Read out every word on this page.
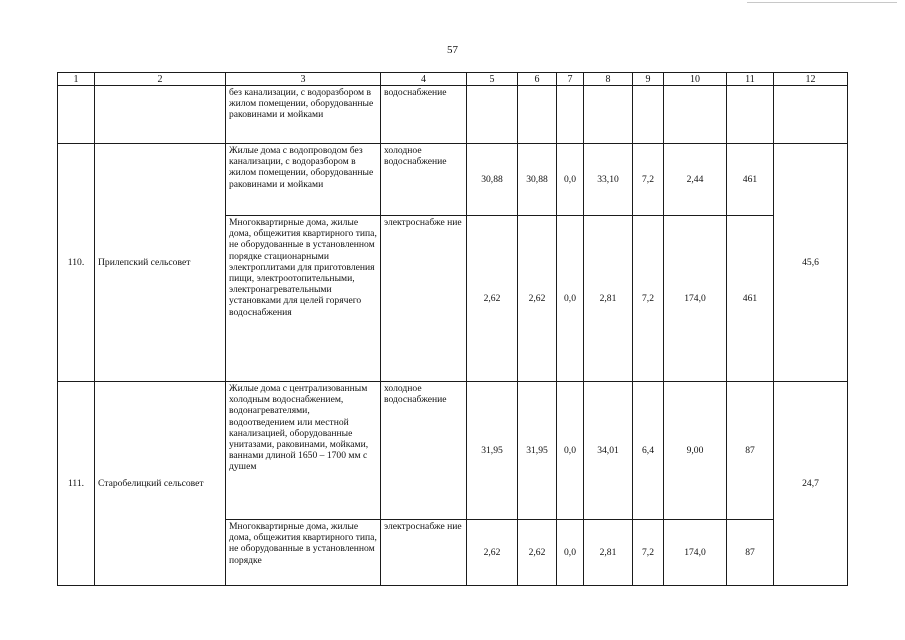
57
1	2	3	4	5	6	7	8	9	10	11	12
		без канализации, с водоразбором в жилом помещении, оборудованные раковинами и мойками	водоснабжение								
110.	Прилепский сельсовет	Жилые дома с водопроводом без канализации, с водоразбором в жилом помещении, оборудованные раковинами и мойками	холодное водоснабжение	30,88	30,88	0,0	33,10	7,2	2,44	461	45,6
		Многоквартирные дома, жилые дома, общежития квартирного типа, не оборудованные в установленном порядке стационарными электроплитами для приготовления пищи, электроотопительными, электронагревательными установками для целей горячего водоснабжения	электроснабже ние	2,62	2,62	0,0	2,81	7,2	174,0	461	
111.	Старобелицкий сельсовет	Жилые дома с централизованным холодным водоснабжением, водонагревателями, водоотведением или местной канализацией, оборудованные унитазами, раковинами, мойками, ваннами длиной 1650 – 1700 мм с душем	холодное водоснабжение	31,95	31,95	0,0	34,01	6,4	9,00	87	24,7
		Многоквартирные дома, жилые дома, общежития квартирного типа, не оборудованные в установленном порядке	электроснабже ние	2,62	2,62	0,0	2,81	7,2	174,0	87	
